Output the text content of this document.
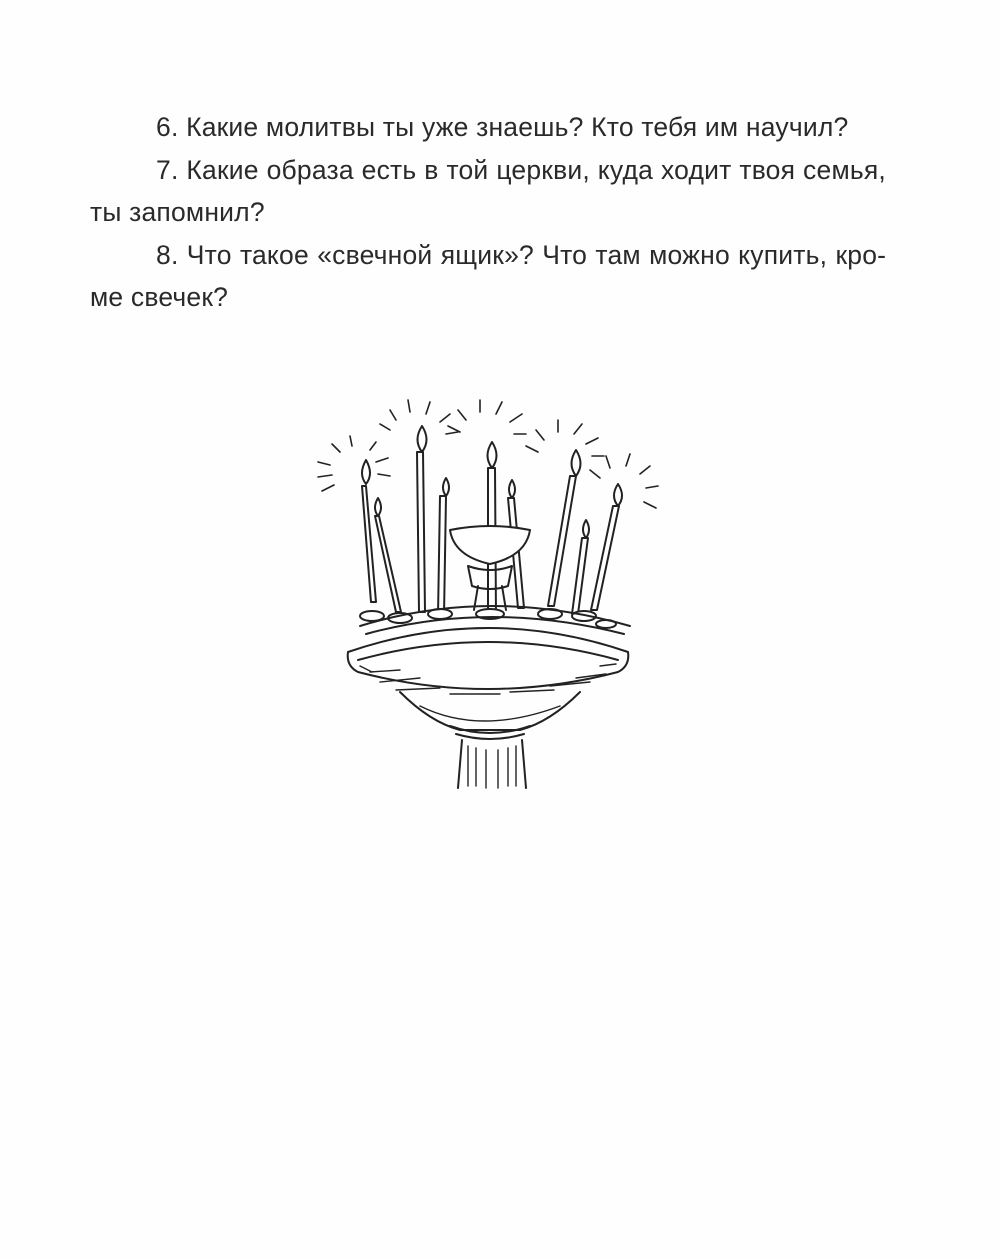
6. Какие молитвы ты уже знаешь? Кто тебя им научил?

7. Какие образа есть в той церкви, куда ходит твоя семья, ты запомнил?

8. Что такое «свечной ящик»? Что там можно купить, кроме свечек?
